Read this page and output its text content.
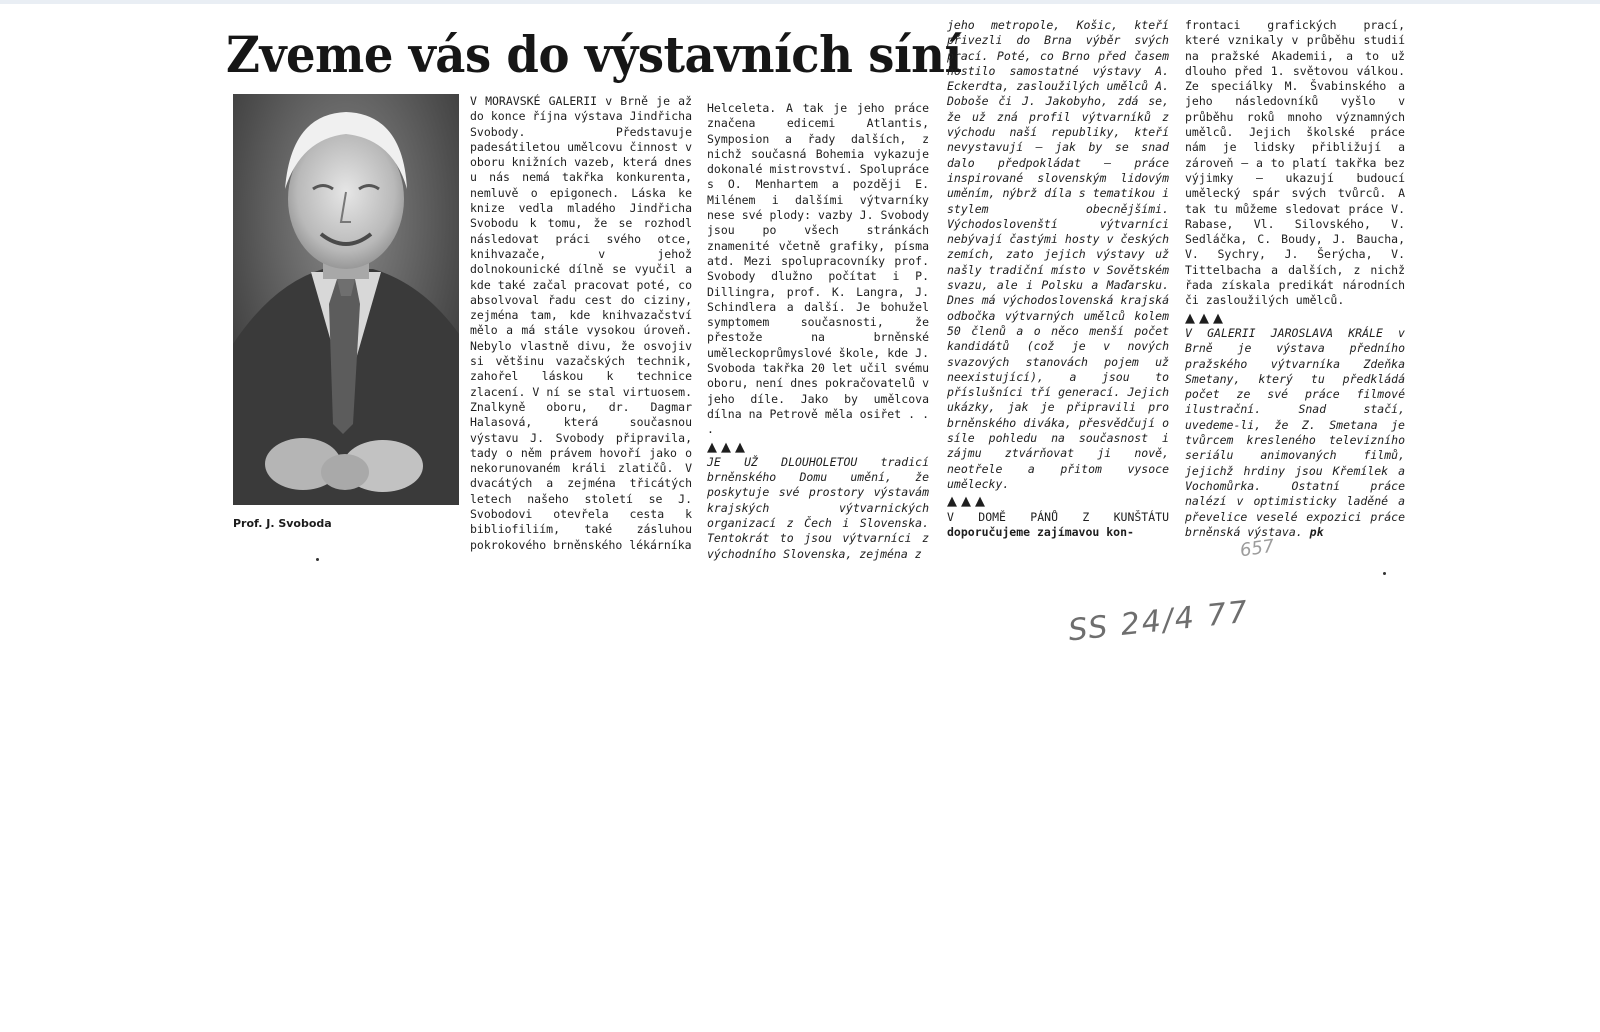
Zveme vás do výstavních síní
Prof. J. Svoboda

V MORAVSKÉ GALERII v Brně je až do konce října výstava Jindřicha Svobody. Představuje padesátiletou umělcovu činnost v oboru knižních vazeb, která dnes u nás nemá takřka konkurenta, nemluvě o epigonech. Láska ke knize vedla mladého Jindřicha Svobodu k tomu, že se rozhodl následovat práci svého otce, knihvazače, v jehož dolnokounické dílně se vyučil a kde také začal pracovat poté, co absolvoval řadu cest do ciziny, zejména tam, kde knihvazačství mělo a má stále vysokou úroveň. Nebylo vlastně divu, že osvojiv si většinu vazačských technik, zahořel láskou k technice zlacení. V ní se stal virtuosem. Znalkyně oboru, dr. Dagmar Halasová, která současnou výstavu J. Svobody připravila, tady o něm právem hovoří jako o nekorunovaném králi zlatičů. V dvacátých a zejména třicátých letech našeho století se J. Svobodovi otevřela cesta k bibliofiliím, také zásluhou pokrokového brněnského lékárníka

Helceleta. A tak je jeho práce značena edicemi Atlantis, Symposion a řady dalších, z nichž současná Bohemia vykazuje dokonalé mistrovství. Spolupráce s O. Menhartem a později E. Milénem i dalšími výtvarníky nese své plody: vazby J. Svobody jsou po všech stránkách znamenité včetně grafiky, písma atd. Mezi spolupracovníky prof. Svobody dlužno počítat i P. Dillingra, prof. K. Langra, J. Schindlera a další. Je bohužel symptomem současnosti, že přestože na brněnské uměleckoprůmyslové škole, kde J. Svoboda takřka 20 let učil svému oboru, není dnes pokračovatelů v jeho díle. Jako by umělcova dílna na Petrově měla osiřet . . .

▲▲▲

JE UŽ DLOUHOLETOU tradicí brněnského Domu umění, že poskytuje své prostory výstavám krajských výtvarnických organizací z Čech i Slovenska. Tentokrát to jsou výtvarníci z východního Slovenska, zejména z

jeho metropole, Košic, kteří přivezli do Brna výběr svých prací. Poté, co Brno před časem hostilo samostatné výstavy A. Eckerdta, zasloužilých umělců A. Doboše či J. Jakobyho, zdá se, že už zná profil výtvarníků z východu naší republiky, kteří nevystavují — jak by se snad dalo předpokládat — práce inspirované slovenským lidovým uměním, nýbrž díla s tematikou i stylem obecnějšími. Východoslovenští výtvarníci nebývají častými hosty v českých zemích, zato jejich výstavy už našly tradiční místo v Sovětském svazu, ale i Polsku a Maďarsku. Dnes má východoslovenská krajská odbočka výtvarných umělců kolem 50 členů a o něco menší počet kandidátů (což je v nových svazových stanovách pojem už neexistující), a jsou to příslušníci tří generací. Jejich ukázky, jak je připravili pro brněnského diváka, přesvědčují o síle pohledu na současnost i zájmu ztvárňovat ji nově, neotřele a přitom vysoce umělecky.

▲▲▲

V DOMĚ PÁNŮ Z KUNŠTÁTU doporučujeme zajímavou kon-

frontaci grafických prací, které vznikaly v průběhu studií na pražské Akademii, a to už dlouho před 1. světovou válkou. Ze speciálky M. Švabinského a jeho následovníků vyšlo v průběhu roků mnoho významných umělců. Jejich školské práce nám je lidsky přibližují a zároveň — a to platí takřka bez výjimky — ukazují budoucí umělecký spár svých tvůrců. A tak tu můžeme sledovat práce V. Rabase, Vl. Silovského, V. Sedláčka, C. Boudy, J. Baucha, V. Sychry, J. Šerýcha, V. Tittelbacha a dalších, z nichž řada získala predikát národních či zasloužilých umělců.

▲▲▲

V GALERII JAROSLAVA KRÁLE v Brně je výstava předního pražského výtvarníka Zdeňka Smetany, který tu předkládá počet ze své práce filmové ilustrační. Snad stačí, uvedeme-li, že Z. Smetana je tvůrcem kresleného televizního seriálu animovaných filmů, jejichž hrdiny jsou Křemílek a Vochomůrka. Ostatní práce nalézí v optimisticky laděné a převelice veselé expozici práce brněnská výstava. pk

657
SS 24/4 77
